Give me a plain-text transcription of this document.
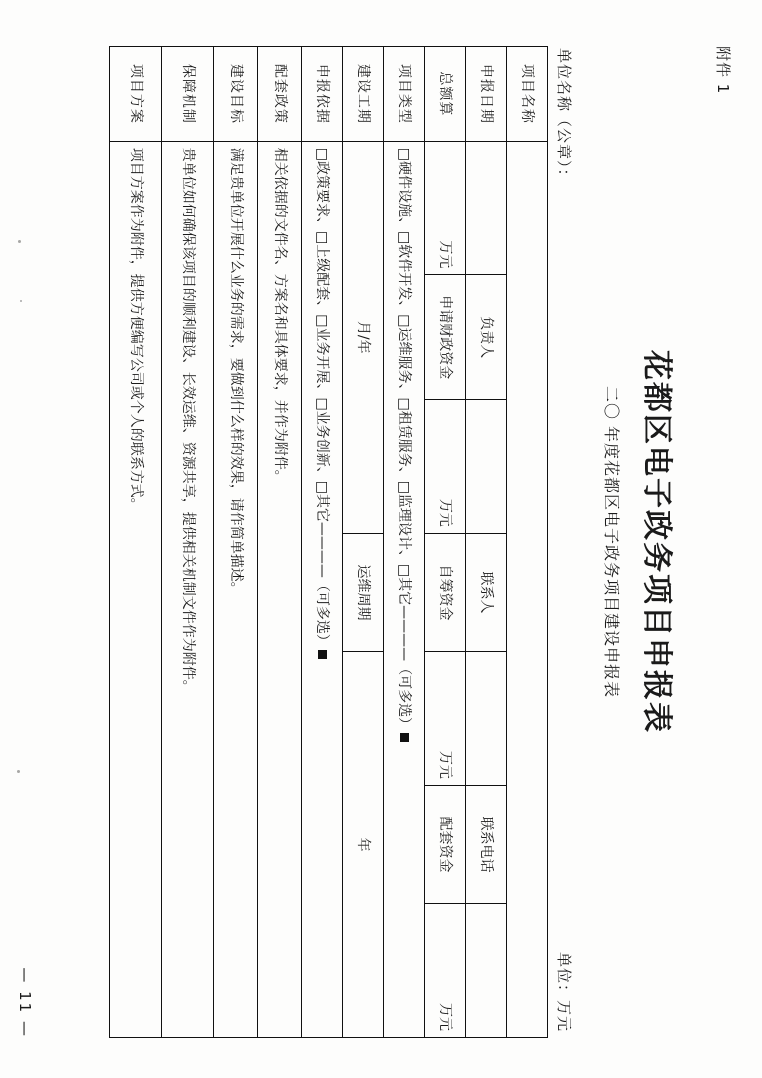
附件 1
花都区电子政务项目申报表
二〇 年度花都区电子政务项目建设申报表
单位名称（公章）：
单位：万元
项目名称							
申报日期		负责人		联系人		联系电话	
总额算	万元	申请财政资金	万元	自筹资金	万元	配套资金	万元
项目类型	□硬件设施、□软件开发、□运维服务、□租赁服务、□监理设计、□其它————（可多选）						
建设工期	月/年			运维周期	年		
申报依据	□政策要求、□上级配套、□业务开展、□业务创新、□其它————（可多选）						
配套政策	相关依据的文件名、方案名和具体要求，并作为附件。						
建设目标	满足贵单位开展什么业务的需求，要做到什么样的效果，请作简单描述。						
保障机制	贵单位如何确保该项目的顺利建设、长效运维、资源共享，提供相关机制文件作为附件。						
项目方案	项目方案作为附件，提供方便编写公司或个人的联系方式。						
— 11 —
